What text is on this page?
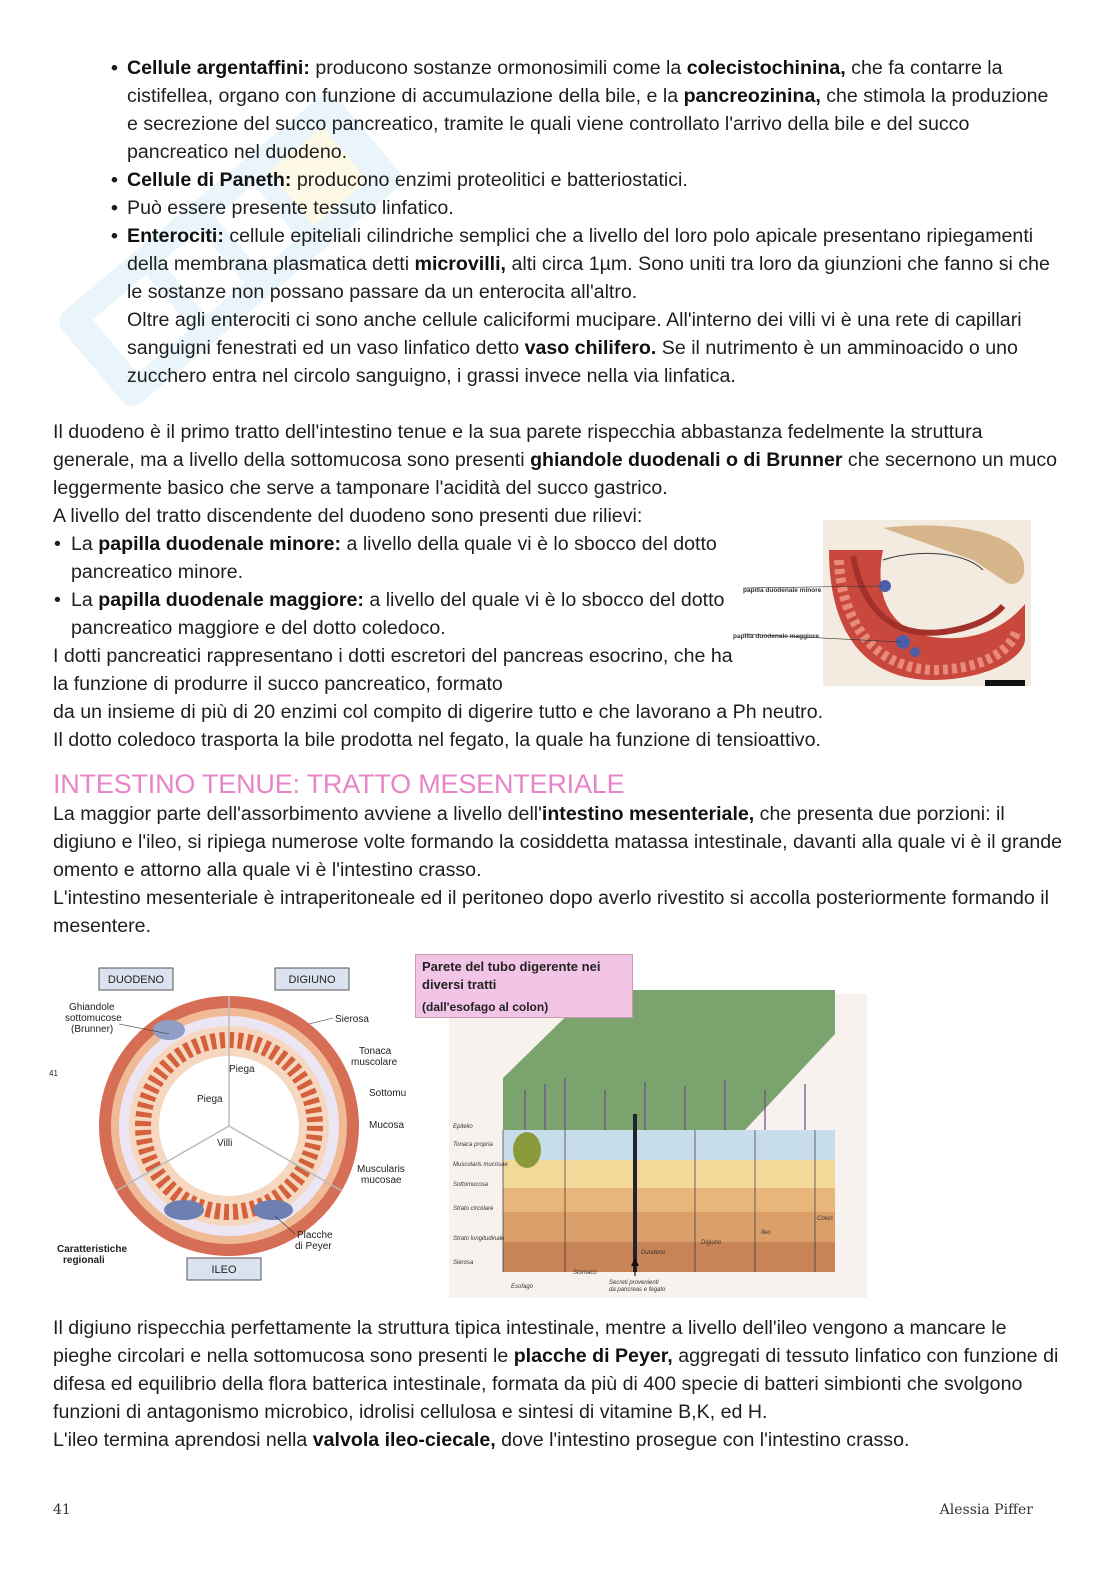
• Cellule argentaffini: producono sostanze ormonosimili come la colecistochinina, che fa contarre la cistifellea, organo con funzione di accumulazione della bile, e la pancreozinina, che stimola la produzione e secrezione del succo pancreatico, tramite le quali viene controllato l'arrivo della bile e del succo pancreatico nel duodeno.
• Cellule di Paneth: producono enzimi proteolitici e batteriostatici.
• Può essere presente tessuto linfatico.
• Enterociti: cellule epiteliali cilindriche semplici che a livello del loro polo apicale presentano ripiegamenti della membrana plasmatica detti microvilli, alti circa 1µm. Sono uniti tra loro da giunzioni che fanno si che le sostanze non possano passare da un enterocita all'altro.

Oltre agli enterociti ci sono anche cellule caliciformi mucipare. All'interno dei villi vi è una rete di capillari sanguigni fenestrati ed un vaso linfatico detto vaso chilifero. Se il nutrimento è un amminoacido o uno zucchero entra nel circolo sanguigno, i grassi invece nella via linfatica.

Il duodeno è il primo tratto dell'intestino tenue e la sua parete rispecchia abbastanza fedelmente la struttura generale, ma a livello della sottomucosa sono presenti ghiandole duodenali o di Brunner che secernono un muco leggermente basico che serve a tamponare l'acidità del succo gastrico.

A livello del tratto discendente del duodeno sono presenti due rilievi:

• La papilla duodenale minore: a livello della quale vi è lo sbocco del dotto pancreatico minore.
• La papilla duodenale maggiore: a livello del quale vi è lo sbocco del dotto pancreatico maggiore e del dotto coledoco.

I dotti pancreatici rappresentano i dotti escretori del pancreas esocrino, che ha la funzione di produrre il succo pancreatico, formato

da un insieme di più di 20 enzimi col compito di digerire tutto e che lavorano a Ph neutro.

Il dotto coledoco trasporta la bile prodotta nel fegato, la quale ha funzione di tensioattivo.

papilla duodenale minore
papilla duodenale maggiore
INTESTINO TENUE: TRATTO MESENTERIALE

La maggior parte dell'assorbimento avviene a livello dell'intestino mesenteriale, che presenta due porzioni: il digiuno e l'ileo, si ripiega numerose volte formando la cosiddetta matassa intestinale, davanti alla quale vi è il grande omento e attorno alla quale vi è l'intestino crasso.

L'intestino mesenteriale è intraperitoneale ed il peritoneo dopo averlo rivestito si accolla posteriormente formando il mesentere.

DUODENO	DIGIUNO
Ghiandole sottomucose (Brunner)
Sierosa
Tonaca muscolare
Sottomu
Mucosa
Muscularis mucosae
Piega
Piega
Villi
Placche di Peyer
Caratteristiche regionali
ILEO
41
Epitelio
Tonaca propria
Muscularis mucosae
Sottomucosa
Strato circolare
Strato longitudinale
Sierosa
Esofago
Stomaco
Duodeno
Digiuno
Ileo
Colon
Secreti provenienti da pancreas e fegato
Parete del tubo digerente nei diversi tratti
(dall'esofago al colon)

Il digiuno rispecchia perfettamente la struttura tipica intestinale, mentre a livello dell'ileo vengono a mancare le pieghe circolari e nella sottomucosa sono presenti le placche di Peyer, aggregati di tessuto linfatico con funzione di difesa ed equilibrio della flora batterica intestinale, formata da più di 400 specie di batteri simbionti che svolgono funzioni di antagonismo microbico, idrolisi cellulosa e sintesi di vitamine B,K, ed H.

L'ileo termina aprendosi nella valvola ileo-ciecale, dove l'intestino prosegue con l'intestino crasso.

41	Alessia Piffer
